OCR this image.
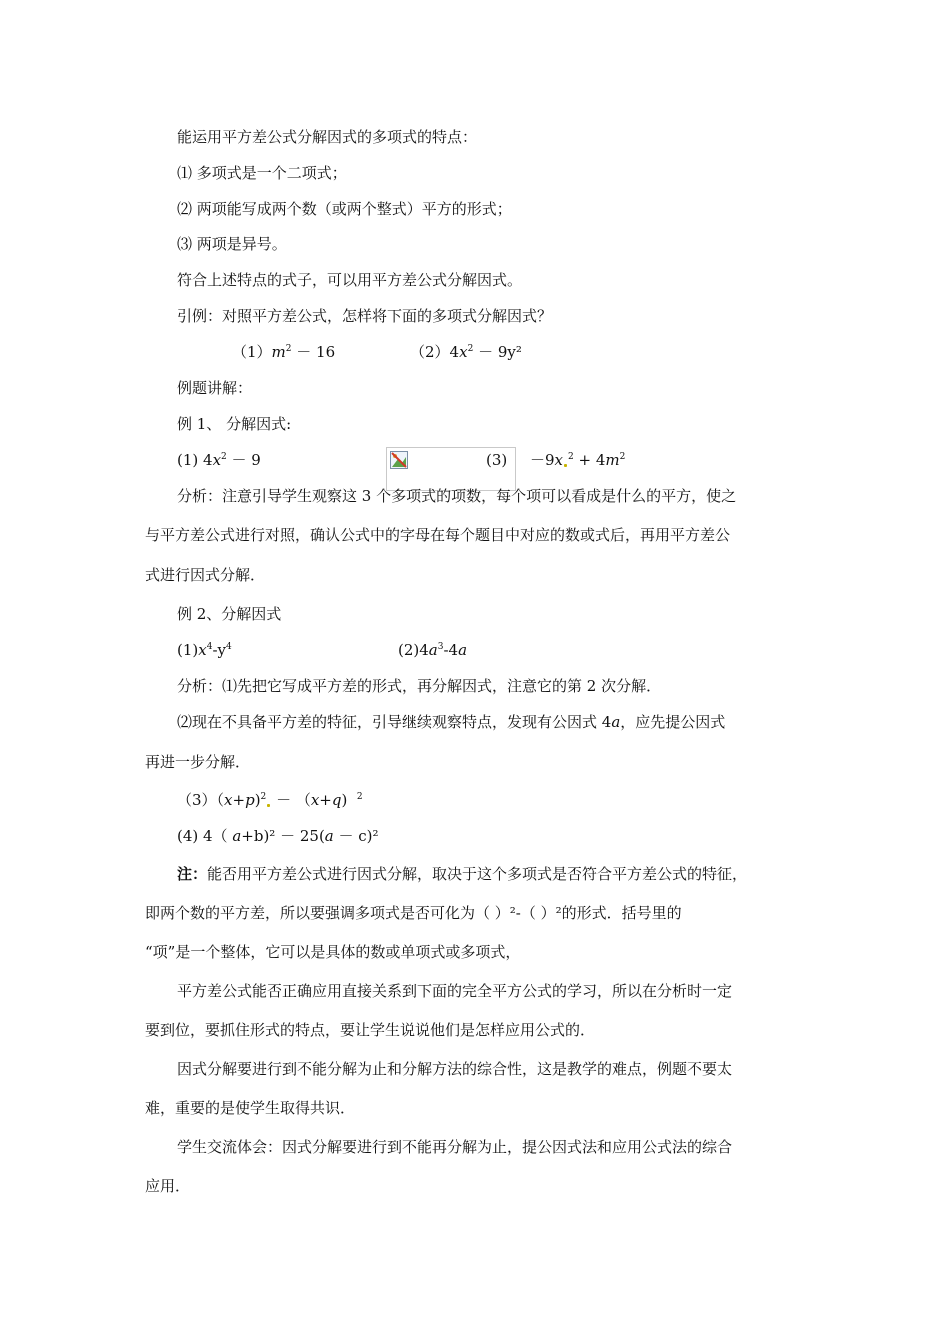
能运用平方差公式分解因式的多项式的特点：
⑴ 多项式是一个二项式；
⑵ 两项能写成两个数（或两个整式）平方的形式；
⑶ 两项是异号。
符合上述特点的式子，可以用平方差公式分解因式。
引例：对照平方差公式，怎样将下面的多项式分解因式？
$(1)m^2 - 16$	$(2)4x^2 - 9y^2$
例题讲解：
例 1、 分解因式:
(1) $4x^2 - 9$	(3) －9x $^2 + 4m^2$
分析：注意引导学生观察这 3 个多项式的项数，每个项可以看成是什么的平方，使之
与平方差公式进行对照，确认公式中的字母在每个题目中对应的数或式后，再用平方差公
式进行因式分解．
例 2、分解因式
$(1)x^4-y^4$	$(2)4a^3-4a$
分析：⑴先把它写成平方差的形式，再分解因式，注意它的第 2 次分解．
⑵现在不具备平方差的特征，引导继续观察特点，发现有公因式 4a，应先提公因式
再进一步分解．
（3）（x+p)$^2$ － （x+q)  $^2$
(4) 4（ a+b)² － 25(a － c)²
注：能否用平方差公式进行因式分解，取决于这个多项式是否符合平方差公式的特征，
即两个数的平方差，所以要强调多项式是否可化为（ ）²-（ ）²的形式．括号里的
“项”是一个整体，它可以是具体的数或单项式或多项式，
平方差公式能否正确应用直接关系到下面的完全平方公式的学习，所以在分析时一定
要到位，要抓住形式的特点，要让学生说说他们是怎样应用公式的．
因式分解要进行到不能分解为止和分解方法的综合性，这是教学的难点，例题不要太
难，重要的是使学生取得共识．
学生交流体会：因式分解要进行到不能再分解为止，提公因式法和应用公式法的综合
应用．
